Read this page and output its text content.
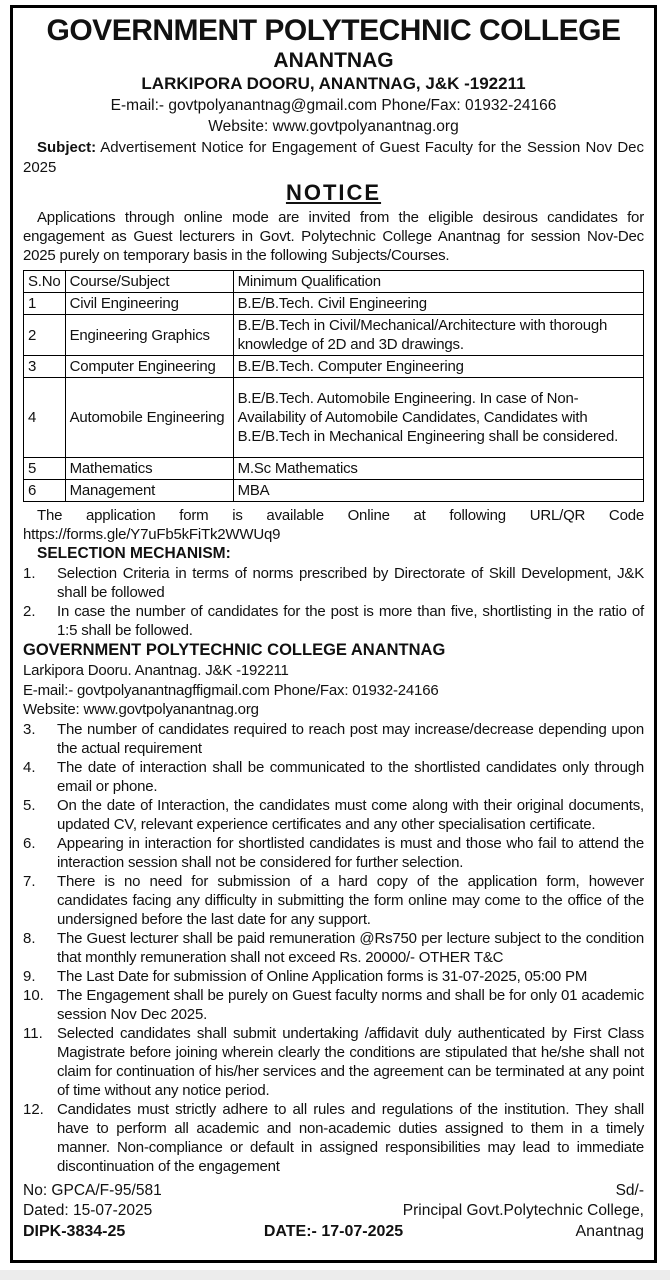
GOVERNMENT POLYTECHNIC COLLEGE
ANANTNAG
LARKIPORA DOORU, ANANTNAG, J&K -192211
E-mail:- govtpolyanantnag@gmail.com Phone/Fax: 01932-24166
Website: www.govtpolyanantnag.org

Subject: Advertisement Notice for Engagement of Guest Faculty for the Session Nov Dec 2025

NOTICE

Applications through online mode are invited from the eligible desirous candidates for engagement as Guest lecturers in Govt. Polytechnic College Anantnag for session Nov-Dec 2025 purely on temporary basis in the following Subjects/Courses.

S.No	Course/Subject	Minimum Qualification
1	Civil Engineering	B.E/B.Tech. Civil Engineering
2	Engineering Graphics	B.E/B.Tech in Civil/Mechanical/Architecture with thorough knowledge of 2D and 3D drawings.
3	Computer Engineering	B.E/B.Tech. Computer Engineering
4	Automobile Engineering	B.E/B.Tech. Automobile Engineering. In case of Non-Availability of Automobile Candidates, Candidates with B.E/B.Tech in Mechanical Engineering shall be considered.
5	Mathematics	M.Sc Mathematics
6	Management	MBA

The application form is available Online at following URL/QR Code https://forms.gle/Y7uFb5kFiTk2WWUq9

SELECTION MECHANISM:
1.	Selection Criteria in terms of norms prescribed by Directorate of Skill Development, J&K shall be followed
2.	In case the number of candidates for the post is more than five, shortlisting in the ratio of 1:5 shall be followed.
GOVERNMENT POLYTECHNIC COLLEGE ANANTNAG
Larkipora Dooru. Anantnag. J&K -192211
E-mail:- govtpolyanantnagffigmail.com Phone/Fax: 01932-24166
Website: www.govtpolyanantnag.org
3.	The number of candidates required to reach post may increase/decrease depending upon the actual requirement
4.	The date of interaction shall be communicated to the shortlisted candidates only through email or phone.
5.	On the date of Interaction, the candidates must come along with their original documents, updated CV, relevant experience certificates and any other specialisation certificate.
6.	Appearing in interaction for shortlisted candidates is must and those who fail to attend the interaction session shall not be considered for further selection.
7.	There is no need for submission of a hard copy of the application form, however candidates facing any difficulty in submitting the form online may come to the office of the undersigned before the last date for any support.
8.	The Guest lecturer shall be paid remuneration @Rs750 per lecture subject to the condition that monthly remuneration shall not exceed Rs. 20000/- OTHER T&C
9.	The Last Date for submission of Online Application forms is 31-07-2025, 05:00 PM
10. The Engagement shall be purely on Guest faculty norms and shall be for only 01 academic session Nov Dec 2025.
11. Selected candidates shall submit undertaking /affidavit duly authenticated by First Class Magistrate before joining wherein clearly the conditions are stipulated that he/she shall not claim for continuation of his/her services and the agreement can be terminated at any point of time without any notice period.
12. Candidates must strictly adhere to all rules and regulations of the institution. They shall have to perform all academic and non-academic duties assigned to them in a timely manner. Non-compliance or default in assigned responsibilities may lead to immediate discontinuation of the engagement
No: GPCA/F-95/581	Sd/-
Dated: 15-07-2025	Principal Govt.Polytechnic College,
DIPK-3834-25	DATE:- 17-07-2025	Anantnag
